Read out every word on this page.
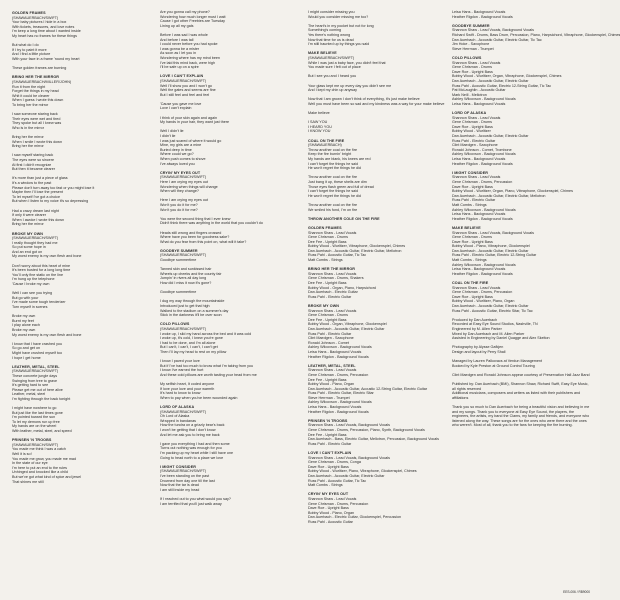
GOLDEN FRAMES
(SHAWAUERBACH/SWIFT)
Your baby pictures I hide in a box
With tickets, treasures, and love notes
I'm keep a long time about I wanted inside
My heart has no frames for these things

But what do I do
If I try to paint it more
And I find a little picture
With your face in a frame 'round my heart

These golden frames are burning
BRING HER THE MIRROR
(SHAWAUERBACH/MILLER/JOHN)
Run it from the night
Forget the things in my head
Whit it could be clearer
When I guess I wrote this down
To bring her the mirror

I saw someone staring back
Their eyes were wet and tired
They spoke but all I knew was
Who is in the mirror

Bring her the mirror
When I smile I wrote this down
Bring her the mirror

I saw myself staring back
The eyes were so sincere
At first I didn't recognize
But then it became clearer

It's more than just a piece of glass
It's a window to the past
Please don't turn away too fast or you might lose it
Maybe then I'll lose the present
To let myself I've got a choice
But when I listen to my voice it's so depressing

Had a crazy dream last night
If only it were clearer
When I awoke I wrote this down
Bring her the mirror
BROKE MY OWN
(SHAWAUERBACH/SWIFT)
I really thought they had me
So put some hope in
And an end got on
My worst enemy is my own flesh and bone

Don't worry about this heart of mine
It's been busted for a long long time
You'll only fine static on the line
I'm hung up the telephone
'Cause I broke my own

Well I can see you trying
But go with your
I've made some tough tenderizer
Torn myself in scenes

Broke my own
Burnt my feet
I play alone each
Broke my own
My worst enemy is my own flesh and bone

I know that I have crashed you
So go and get on
Might have crushed myself too
I hope I get home
LEATHER, METAL, STEEL
(SHAWAUERBACH/SWIFT)
These concrete jungle days
Swinging from tree to grave
It's getting hard to see
Please get me out of here alive
Leather, metal, steel
I'm fighting through the back tonight

I might have nowhere to go
But just like the last times gone
I'm pointed toward the sun
To let my demons run up free
My hands are on the wheel
With leather, metal, steel, and speed
PRINSEN 'N TROOBS
(SHAWAUERBACH/SWIFT)
You made me think I was a catch
Well it is so!
You made me grow, you made me mad
In the state of our eye
I'm here to put an end to the rules
Unhinged and knocked like a child
But we've got what kind of spice and jewel
That shines me still
Are you gonna call my phone?
Wondering how much longer must I wait
Cause I got other Freebies are Tuesday
Lining up all my gals

Before I was sad I was whole
And before I was tall
I could never before you had spoke
I was gonna be a mister
As soon as I let you in
Wondering where has my mind been
I've laid this mind back, were high
I'll be safe up on a spire
LOVE I CAN'T EXPLAIN
(SHAWAUERBACH/SWIFT)
Well I'll show you and I won't go
Well the gates and seems are fine
But I still feel and feel and feel

'Cause you gave me love
Love I can't explain

I think of your skin again and again
My hands in your hair, they want just there

Well I didn't lie
I didn't lie
I was just scared of where it would go
Mine, my girls are a mine
Buried deep in time
Where could we go?
When push comes to shove
I've always loved you
CRYIN' MY EYES OUT
(SHAWAUERBACH/SWIFT)
Here I am crying my eyes out
Wondering when things will change
When will they change?

Here I am crying my eyes out
Won't you do it for me?
Won't you do it for me?

You were the second thing that I ever knew
Didn't think there was anything in the world that you couldn't do

Heads still wrong and fingers crossed
Where have you been for goodness sake?
What do you fear from this point on, what will it take?
GOODBYE SUMMER
(SHAWAUERBACH/SWIFT)
Goodbye summertime

Tanned skin and sunkissed hair
Wheels up cheeks and the county fair
Jumpin' in rivers all day long
How did I miss it now it's gone?

Goodbye summertime

I dug my way through the mountainside
Introduced just to get that high
Walked to the stadium on a summer's day
Stick in the darkness it'll be over soon
COLD PILLOWS
(SHAWAUERBACH/SWIFT)
I woke up, I slid my hand across the bed and it was cold
I woke up, it's cold, I knew you're gone
I had to be done, and I'm all alone
But I can't, I can't, I can't, I can't get
Then I'll lay my head to rest on my pillow

I know I paved your love
But if I've had too much to know what I'm taking from you
I know I've earned the hurt
And these cold pillows are worth tasting your head from me

My selfish heart, It coded anyone
If love your love and your warmth
It's hard to know to know
When to pay when you've been wounded again
LORD OF ALASKA
(SHAWAUERBACH/SWIFT)
Oh Lord of Alaska
Wrapped in bandanas
How the tundra on a grizzly bear's back
I won't be getting that I don't know
And let me ask you to bring me back

I gave you everything I had and then some
Turns out nothing was enough for you
I'm packing up my heart while I still have one
Going to head north to a place we love
I MIGHT CONSIDER
(SHAWAUERBACH/SWIFT)
I've been standing on the past
Drowned from day one till the last
Now that the tar is dead
I am still inside my head

If I reached out to you what would you say?
I am terrified that you'll just walk away
I might consider missing you
Would you consider missing me too?

The heart's in my pocket but not for long
Something's coming
Yes there's nothing wrong
Now that time for us is dead
I'm still haunted up by things you said
MAKE BELIEVE
(SHAWAUERBACH/SWIFT)
While I was just a baby face, you didn't feel that
You made sure I felt out of place

But I see you and I heard you

Your glass kept me up every day you didn't see me
And I kept my chin up anyway

Now that I am grown I don't think of everything, it's just make believe
Well you must have been so sad and my kindness was a way for your make believe

Make believe

I SAW YOU
I HEARD YOU
I KNOW YOU
COAL ON THE FIRE
(SHAWAUERBACH)
Throw another coal on the fire
Keep the fire burnin' bright
My hands are blank, his knees are red
I can't forget the things he said
He won't regret the things he did

Throw another coal on the fire
Just bang it up, these shells are dim
Those eyes flash green and full of dread
I can't forget the things he said
He won't regret the things he did

Throw another coal on the fire
We smiled his fond, I'm on fire
THROW ANOTHER COLE ON THE FIRE
GOLDEN FRAMES
Shannon Shaw - Lead Vocals
Gene Chrisman - Drums
Dee Fee - Upright Bass
Bobby Wood - Wurlitzer, Vibraphone, Glockenspiel, Chimes
Dan Auerbach - Acoustic Guitar, Electric Guitar, Mellotron
Russ Pahl - Acoustic Guitar, Tic Tac
Matt Combs - Strings
BRING HER THE MIRROR
Shannon Shaw - Lead Vocals
Gene Chrisman - Drums, Shakers
Dee Fee - Upright Bass
Bobby Wood - Organ, Piano, Harpsichord
Dan Auerbach - Electric Guitar
Russ Pahl - Electric Guitar
BROKE MY OWN
Shannon Shaw - Lead Vocals
Gene Chrisman - Drums
Dee Fee - Upright Bass
Bobby Wood - Organ, Vibraphone, Glockenspiel
Dan Auerbach - Acoustic Guitar, Electric Guitar
Russ Pahl - Electric Guitar
Clint Maedgen - Saxophone
Ronald Johnson - Cornet
Ashley Wilcoxson - Background Vocals
Leisa Hans - Background Vocals
Heather Rigdon - Background Vocals
LEATHER, METAL, STEEL
Shannon Shaw - Lead Vocals
Gene Chrisman - Drums, Percussion
Dee Fee - Upright Bass
Bobby Wood - Piano, Organ
Dan Auerbach - Acoustic Guitar, Acoustic 12-String Guitar, Electric Guitar
Russ Pahl - Electric Guitar, Electric Sitar
Steve Herrman - Trumpet
Ashley Wilcoxson - Background Vocals
Leisa Hans - Background Vocals
Heather Rigdon - Background Vocals
PRINSEN 'N TROOBS
Shannon Shaw - Lead Vocals, Background Vocals
Gene Chrisman - Drums, Percussion, Piano, Synth, Background Vocals
Dee Fee - Upright Bass
Dan Auerbach - Bass, Electric Guitar, Mellotron, Percussion, Background Vocals
Russ Pahl - Electric Guitar
LOVE I CAN'T EXPLAIN
Shannon Shaw - Lead Vocals, Background Vocals
Gene Chrisman - Drums, Conga
Dave Roe - Upright Bass
Bobby Wood - Wurlitzer, Piano, Vibraphone, Glockenspiel, Chimes
Dan Auerbach - Acoustic Guitar, Electric Guitar
Russ Pahl - Acoustic Guitar, Tic Tac
Matt Combs - Strings
CRYIN' MY EYES OUT
Shannon Shaw - Lead Vocals
Gene Chrisman - Drums, Percussion
Dave Roe - Upright Bass
Bobby Wood - Piano, Organ
Dan Auerbach - Electric Guitar, Glockenspiel, Percussion
Russ Pahl - Acoustic Guitar
Leisa Hans - Background Vocals
Heather Rigdon - Background Vocals
GOODBYE SUMMER
Shannon Shaw - Lead Vocals, Background Vocals
Richard Swift - Drums, Bass Drum, Percussion, Piano, Harpsichord, Vibraphone, Glockenspiel, Chimes
Dan Auerbach - Acoustic Guitar, Electric Guitar, Tic Tac
Jim Hoke - Saxophone
Steve Herrman - Trumpet
COLD PILLOWS
Shannon Shaw - Lead Vocals
Gene Chrisman - Drums
Dave Roe - Upright Bass
Bobby Wood - Wurlitzer, Organ, Vibraphone, Glockenspiel, Chimes
Dan Auerbach - Acoustic Guitar, Electric Guitar
Russ Pahl - Acoustic Guitar, Electric 12-String Guitar, Tic Tac
Pat McLaughlin - Acoustic Guitar
Mark Neill - Mellotron
Ashley Wilcoxson - Background Vocals
Leisa Hans - Background Vocals
LORD OF ALASKA
Shannon Shaw - Lead Vocals
Gene Chrisman - Drums
Dave Roe - Upright Bass
Bobby Wood - Wurlitzer
Dan Auerbach - Acoustic Guitar, Electric Guitar
Russ Pahl - Electric Guitar
Clint Maedgen - Saxophone
Ronald Johnson - Cornet, Trombone
Ashley Wilcoxson - Background Vocals
Leisa Hans - Background Vocals
Heather Rigdon - Background Vocals
I MIGHT CONSIDER
Shannon Shaw - Lead Vocals
Gene Chrisman - Drums, Percussion
Dave Roe - Upright Bass
Bobby Wood - Wurlitzer, Organ, Piano, Vibraphone, Glockenspiel, Chimes
Dan Auerbach - Acoustic Guitar, Electric Guitar, Mellotron
Russ Pahl - Electric Guitar
Matt Combs - Strings
Ashley Wilcoxson - Background Vocals
Leisa Hans - Background Vocals
Heather Rigdon - Background Vocals
MAKE BELIEVE
Shannon Shaw - Lead Vocals, Background Vocals
Gene Chrisman - Drums
Dave Roe - Upright Bass
Bobby Wood - Piano, Vibraphone, Glockenspiel
Dan Auerbach - Acoustic Guitar, Electric Guitar
Russ Pahl - Electric Guitar, Electric 12-String Guitar
Matt Combs - Strings
Ashley Wilcoxson - Background Vocals
Leisa Hans - Background Vocals
Heather Rigdon - Background Vocals
COAL ON THE FIRE
Shannon Shaw - Lead Vocals
Gene Chrisman - Drums, Percussion
Dave Roe - Upright Bass
Bobby Wood - Wurlitzer, Piano, Organ
Dan Auerbach - Acoustic Guitar, Electric Guitar
Russ Pahl - Acoustic Guitar, Electric Sitar, Tic Tac
Produced by Dan Auerbach
Recorded at Easy Eye Sound Studios, Nashville, TN
Engineered by M. Allen Parker
Mixed by Dan Auerbach and M. Allen Parker
Assisted in Engineering by Daniel Quagge and Alex Skelton

Photography by Alysse Gafkjen
Design and layout by Perry Shall

Managed by Lauren Palkovacs at Verdun Management
Booked by Kyle Preston at Ground Control Touring

Clint Maedgen and Ronald Johnson appear courtesy of Preservation Hall Jazz Band
Published by: Dan Auerbach (BMI), Shannon Shaw, Richard Swift, Easy Eye Music, all rights reserved
Additional musicians, composers and writers as listed with their publishers and affiliations
Thank you so much to Dan Auerbach for being a beautiful vision and believing in me and my songs. Thank you to everyone at Easy Eye Sound, the players, the engineers, the artists, my band the Clams, my family and friends, and everyone who listened along the way. These songs are for the ones who were there and the ones who weren't. Most of all, thank you to the fans for keeping the fire burning.
EES-006 / RB9000
